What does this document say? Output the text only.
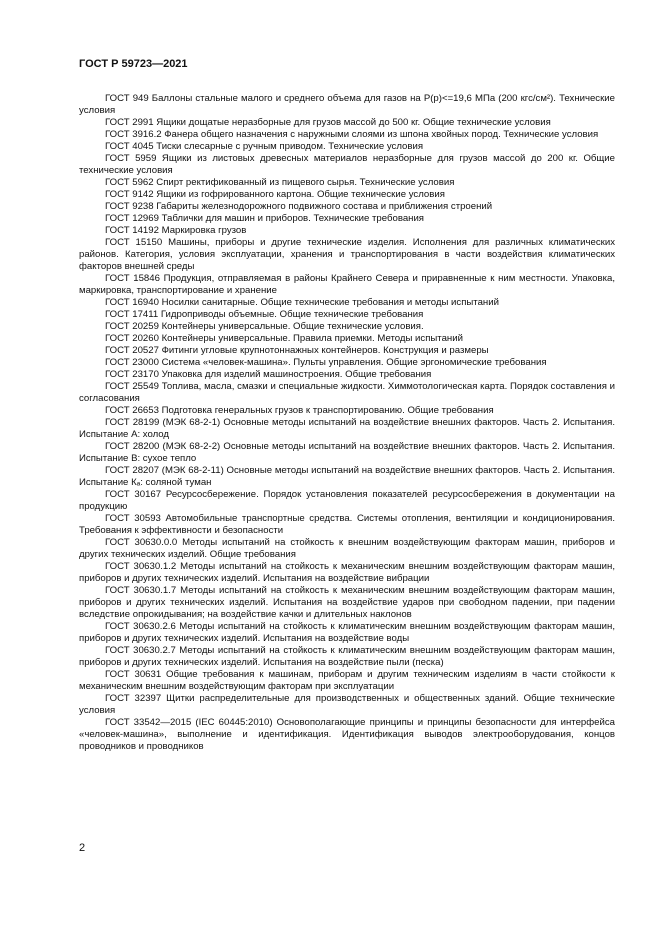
ГОСТ Р 59723—2021

ГОСТ 949 Баллоны стальные малого и среднего объема для газов на Р(р)<=19,6 МПа (200 кгс/см²). Технические условия

ГОСТ 2991 Ящики дощатые неразборные для грузов массой до 500 кг. Общие технические условия

ГОСТ 3916.2 Фанера общего назначения с наружными слоями из шпона хвойных пород. Технические условия

ГОСТ 4045 Тиски слесарные с ручным приводом. Технические условия

ГОСТ 5959 Ящики из листовых древесных материалов неразборные для грузов массой до 200 кг. Общие технические условия

ГОСТ 5962 Спирт ректификованный из пищевого сырья. Технические условия

ГОСТ 9142 Ящики из гофрированного картона. Общие технические условия

ГОСТ 9238 Габариты железнодорожного подвижного состава и приближения строений

ГОСТ 12969 Таблички для машин и приборов. Технические требования

ГОСТ 14192 Маркировка грузов

ГОСТ 15150 Машины, приборы и другие технические изделия. Исполнения для различных климатических районов. Категория, условия эксплуатации, хранения и транспортирования в части воздействия климатических факторов внешней среды

ГОСТ 15846 Продукция, отправляемая в районы Крайнего Севера и приравненные к ним местности. Упаковка, маркировка, транспортирование и хранение

ГОСТ 16940 Носилки санитарные. Общие технические требования и методы испытаний

ГОСТ 17411 Гидроприводы объемные. Общие технические требования

ГОСТ 20259 Контейнеры универсальные. Общие технические условия.

ГОСТ 20260 Контейнеры универсальные. Правила приемки. Методы испытаний

ГОСТ 20527 Фитинги угловые крупнотоннажных контейнеров. Конструкция и размеры

ГОСТ 23000 Система «человек-машина». Пульты управления. Общие эргономические требования

ГОСТ 23170 Упаковка для изделий машиностроения. Общие требования

ГОСТ 25549 Топлива, масла, смазки и специальные жидкости. Химмотологическая карта. Порядок составления и согласования

ГОСТ 26653 Подготовка генеральных грузов к транспортированию. Общие требования

ГОСТ 28199 (МЭК 68-2-1) Основные методы испытаний на воздействие внешних факторов. Часть 2. Испытания. Испытание А: холод

ГОСТ 28200 (МЭК 68-2-2) Основные методы испытаний на воздействие внешних факторов. Часть 2. Испытания. Испытание В: сухое тепло

ГОСТ 28207 (МЭК 68-2-11) Основные методы испытаний на воздействие внешних факторов. Часть 2. Испытания. Испытание Кₐ: соляной туман

ГОСТ 30167 Ресурсосбережение. Порядок установления показателей ресурсосбережения в документации на продукцию

ГОСТ 30593 Автомобильные транспортные средства. Системы отопления, вентиляции и кондиционирования. Требования к эффективности и безопасности

ГОСТ 30630.0.0 Методы испытаний на стойкость к внешним воздействующим факторам машин, приборов и других технических изделий. Общие требования

ГОСТ 30630.1.2 Методы испытаний на стойкость к механическим внешним воздействующим факторам машин, приборов и других технических изделий. Испытания на воздействие вибрации

ГОСТ 30630.1.7 Методы испытаний на стойкость к механическим внешним воздействующим факторам машин, приборов и других технических изделий. Испытания на воздействие ударов при свободном падении, при падении вследствие опрокидывания; на воздействие качки и длительных наклонов

ГОСТ 30630.2.6 Методы испытаний на стойкость к климатическим внешним воздействующим факторам машин, приборов и других технических изделий. Испытания на воздействие воды

ГОСТ 30630.2.7 Методы испытаний на стойкость к климатическим внешним воздействующим факторам машин, приборов и других технических изделий. Испытания на воздействие пыли (песка)

ГОСТ 30631 Общие требования к машинам, приборам и другим техническим изделиям в части стойкости к механическим внешним воздействующим факторам при эксплуатации

ГОСТ 32397 Щитки распределительные для производственных и общественных зданий. Общие технические условия

ГОСТ 33542—2015 (IEC 60445:2010) Основополагающие принципы и принципы безопасности для интерфейса «человек-машина», выполнение и идентификация. Идентификация выводов электрооборудования, концов проводников и проводников

2
